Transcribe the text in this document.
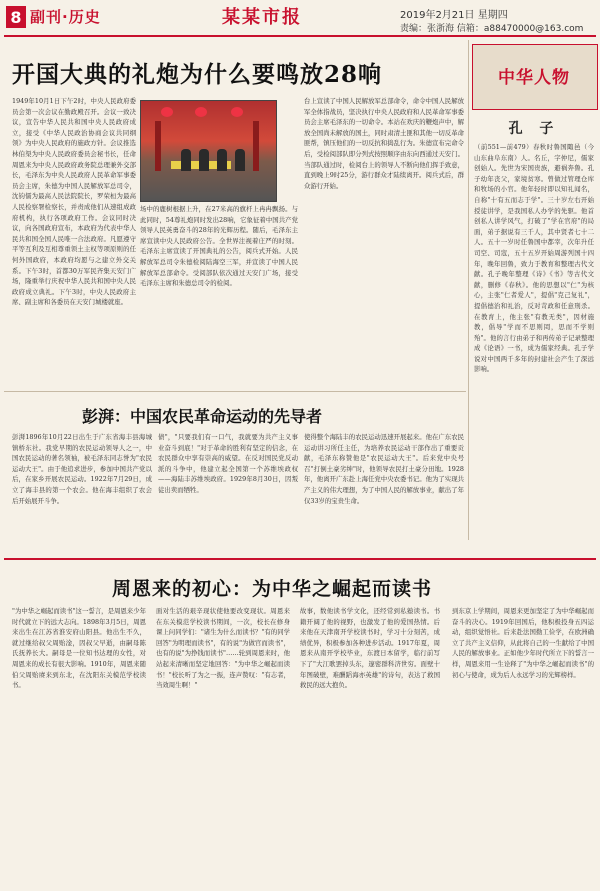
8 副刊·历史	某某市报	2019年2月21日 星期四
责编：张浙海 信箱：a88470000@163.com
开国大典的礼炮为什么要鸣放28响
1949年10月1日下午2时，中央人民政府委员会第一次会议在勤政殿召开。会议一致决议，宣告中华人民共和国中央人民政府成立，接受《中华人民政治协商会议共同纲领》为中央人民政府的施政方针。会议推选林伯渠为中央人民政府委员会秘书长，任命周恩来为中央人民政府政务院总理兼外交部长，毛泽东为中央人民政府人民革命军事委员会主席，朱德为中国人民解放军总司令，沈钧儒为最高人民法院院长，罗荣桓为最高人民检察署检察长，并责成他们从速组成政府机构，执行各项政府工作。会议同时决议，向各国政府宣布，本政府为代表中华人民共和国全国人民唯一合法政府。凡愿遵守平等互利及互相尊重领土主权等项原则的任何外国政府，本政府均愿与之建立外交关系。下午3时，首都30万军民齐集天安门广场，隆重举行庆祝中华人民共和国中央人民政府成立典礼。下午3时，中央人民政府主席、副主席和各委员在天安门城楼就座。
场中的鹿树根据上升，在27米高的旗杆上冉冉飘扬。与此同时，54尊礼炮同时发出28响，它象征着中国共产党领导人民英勇奋斗的28年的光辉历程。随后，毛泽东主席宣读中央人民政府公告。全世界注视着庄严的时刻。毛泽东主席宣读了开国典礼的公告，阅兵式开始。人民解放军总司令朱德检阅陆海空三军，并宣读了中国人民解放军总部命令。受阅部队依次通过天安门广场，接受毛泽东主席和朱德总司令的检阅。
台上宣读了中国人民解放军总部命令，命令中国人民解放军全体指战员，坚决执行中央人民政府和人民革命军事委员会主席毛泽东的一切命令。本站在欢庆的鞭炮声中，解放全国尚未解放的国土，同时肃清土匪和其他一切反革命匪帮，镇压他们的一切反抗和捣乱行为。朱德宣布完命令后，受检阅部队即分列式按照顺序由东向西通过天安门。当部队通过时，检阅台上的领导人不断向他们挥手致意，直到晚上9时25分，游行群众才陆续离开。阅兵式后，群众游行开始。
中华人物
孔 子
（前551—前479）春秋时鲁国陬邑（今山东曲阜东南）人。名丘，字仲尼，儒家创始人。先世为宋国贵族，避祸奔鲁。孔子幼年丧父，家境贫寒。曾做过管理仓库和牧场的小官。他年轻时即以知礼闻名，自称"十有五而志于学"。三十岁左右开始授徒讲学，是我国私人办学的先驱。他首创私人讲学风气，打破了"学在官府"的局面，弟子据说有三千人，其中贤者七十二人。五十一岁时任鲁国中都宰，次年升任司空、司寇，五十五岁开始周游列国十四年，晚年回鲁，致力于教育和整理古代文献。孔子晚年整理《诗》《书》等古代文献，删修《春秋》。他的思想以"仁"为核心，主张"仁者爱人"，提倡"克己复礼"，提倡德治和礼治，反对苛政和任意刑杀。在教育上，他主张"有教无类"，因材施教，倡导"学而不思则罔，思而不学则殆"。他的言行由弟子和再传弟子记录整理成《论语》一书，成为儒家经典。孔子学说对中国两千多年的封建社会产生了深远影响。
彭湃：中国农民革命运动的先导者
彭湃1896年10月22日出生于广东省海丰县海城镇桥东社。我党早期的农民运动领导人之一，中国农民运动的著名领袖，被毛泽东同志誉为"农民运动大王"。由于他追求进步，参加中国共产党以后，在家乡开展农民运动。1922年7月29日，成立了海丰县的第一个农会。他在海丰组织了农会后开始展开斗争。
债"，"只要我们有一口气，我就要为共产主义事业奋斗到底！"对于革命的胜利有坚定的信念，在农民群众中享有崇高的威望。在反对国民党反动派的斗争中，他建立起全国第一个苏维埃政权——海陆丰苏维埃政府。1929年8月30日，因叛徒出卖而牺牲。
使得整个海陆丰的农民运动迅速开展起来。他在广东农民运动讲习所任主任，为培养农民运动干部作出了重要贡献，毛泽东称赞他是"农民运动大王"。后来党中央号召"打倒土豪劣绅"时，他领导农民打土豪分田地。1928年，他离开广东赴上海任党中央农委书记。他为了实现共产主义的伟大理想，为了中国人民的解放事业，献出了年仅33岁的宝贵生命。
周恩来的初心：为中华之崛起而读书
"为中华之崛起而读书"这一誓言，是周恩来少年时代就立下的远大志向。1898年3月5日，周恩来出生在江苏省淮安府山阳县。他出生不久，就过继给叔父周贻淦，因叔父早逝，由嗣母陈氏抚养长大。嗣母是一位知书达理的女性，对周恩来的成长有很大影响。1910年，周恩来随伯父周贻赓来到东北，在沈阳东关模范学校读书。
面对生活的艰辛现状使他要改变现状。周恩来在东关模范学校读书期间，一次，校长在修身课上问同学们："诸生为什么而读书？"有的同学回答"为明理而读书"，有的说"为做官而读书"，也有的说"为挣钱而读书"……轮到周恩来时，他站起来清晰而坚定地回答："为中华之崛起而读书！"校长听了为之一振，连声赞叹："有志者，当效周生啊！"
故事，数他读书学文化，还经常到私塾读书。书籍开阔了他的视野，也激发了他的爱国热情。后来他在天津南开学校读书时，学习十分刻苦，成绩优异，积极参加各种进步活动。1917年夏，周恩来从南开学校毕业，东渡日本留学，临行前写下了"大江歌罢掉头东，邃密群科济世穷。面壁十年图破壁，难酬蹈海亦英雄"的诗句，表达了救国救民的远大抱负。
到东京上学期间，周恩来更加坚定了为中华崛起而奋斗的决心。1919年回国后，他积极投身五四运动，组织觉悟社。后来赴法国勤工俭学，在欧洲确立了共产主义信仰，从此将自己的一生献给了中国人民的解放事业。正如他少年时代所立下的誓言一样，周恩来用一生诠释了"为中华之崛起而读书"的初心与使命，成为后人永远学习的光辉榜样。
